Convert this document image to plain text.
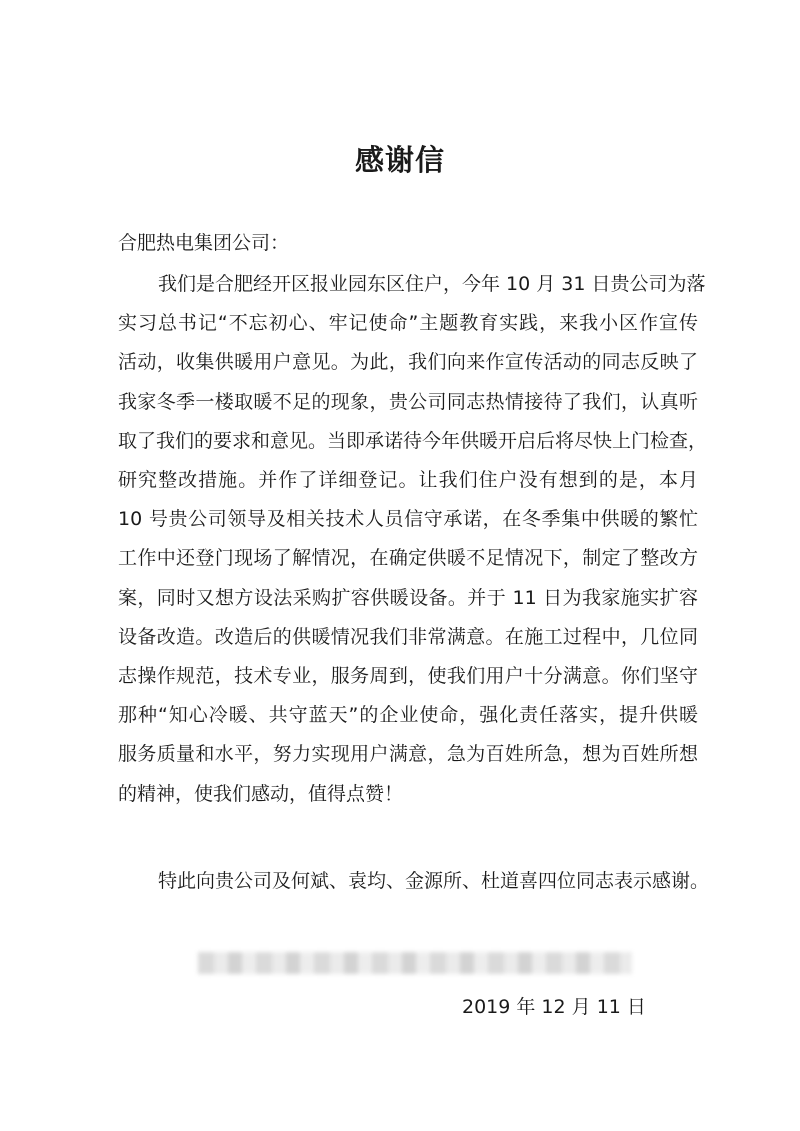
感谢信
合肥热电集团公司：
我们是合肥经开区报业园东区住户，今年 10 月 31 日贵公司为落
实习总书记“不忘初心、牢记使命”主题教育实践，来我小区作宣传
活动，收集供暖用户意见。为此，我们向来作宣传活动的同志反映了
我家冬季一楼取暖不足的现象，贵公司同志热情接待了我们，认真听
取了我们的要求和意见。当即承诺待今年供暖开启后将尽快上门检查，
研究整改措施。并作了详细登记。让我们住户没有想到的是，本月
10 号贵公司领导及相关技术人员信守承诺，在冬季集中供暖的繁忙
工作中还登门现场了解情况，在确定供暖不足情况下，制定了整改方
案，同时又想方设法采购扩容供暖设备。并于 11 日为我家施实扩容
设备改造。改造后的供暖情况我们非常满意。在施工过程中，几位同
志操作规范，技术专业，服务周到，使我们用户十分满意。你们坚守
那种“知心冷暖、共守蓝天”的企业使命，强化责任落实，提升供暖
服务质量和水平，努力实现用户满意，急为百姓所急，想为百姓所想
的精神，使我们感动，值得点赞！
特此向贵公司及何斌、袁均、金源所、杜道喜四位同志表示感谢。
2019 年 12 月 11 日
